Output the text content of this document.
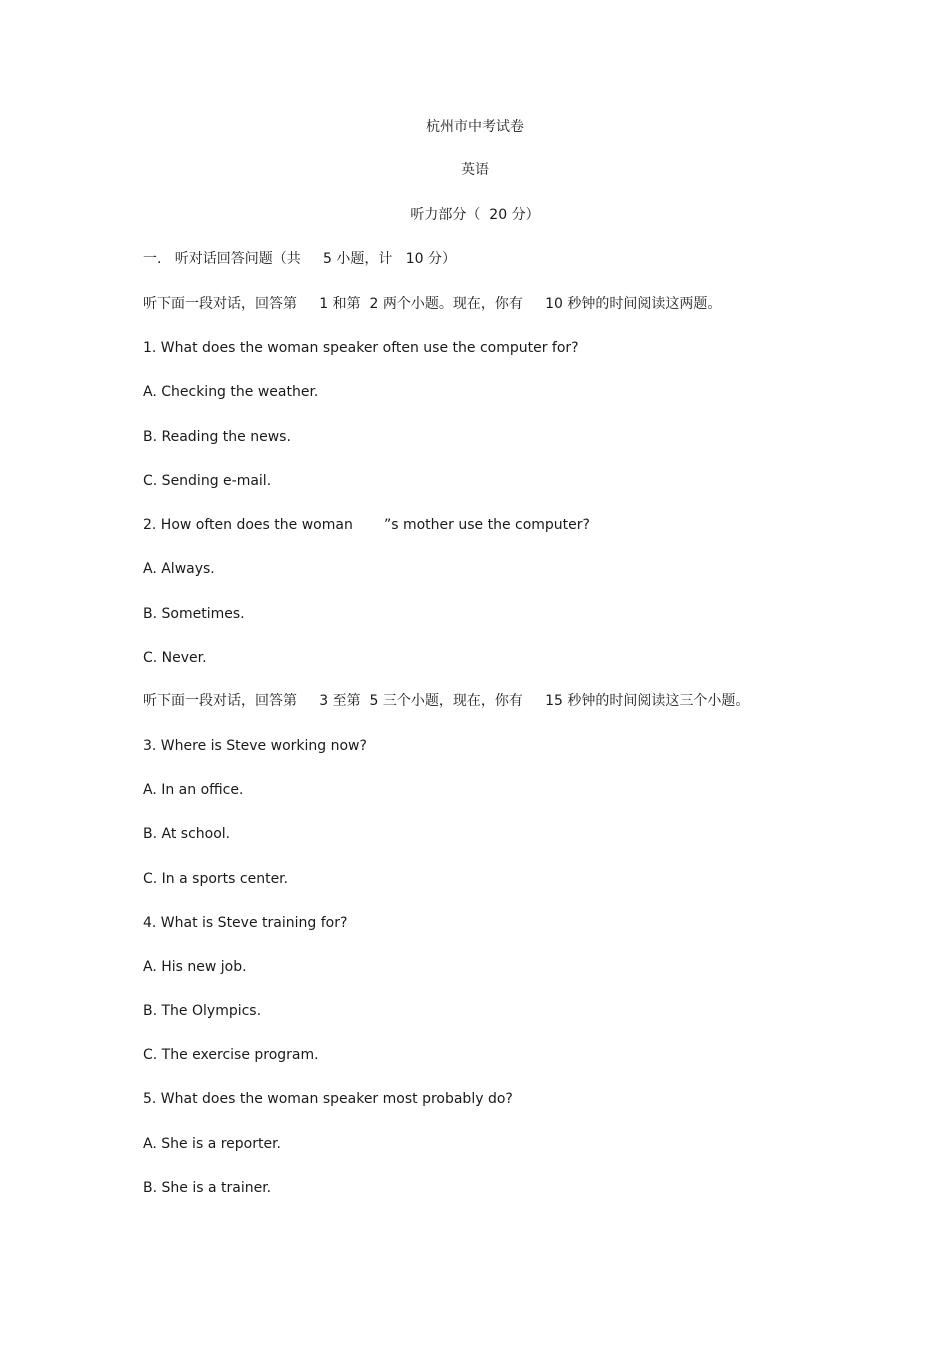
杭州市中考试卷
英语
听力部分（  20 分）
一.   听对话回答问题（共     5 小题，计   10 分）
听下面一段对话，回答第     1 和第  2 两个小题。现在，你有     10 秒钟的时间阅读这两题。
1. What does the woman speaker often use the computer for?
A. Checking the weather.
B. Reading the news.
C. Sending e-mail.
2. How often does the woman       ”s mother use the computer?
A. Always.
B. Sometimes.
C. Never.
听下面一段对话，回答第     3 至第  5 三个小题，现在，你有     15 秒钟的时间阅读这三个小题。
3. Where is Steve working now?
A. In an office.
B. At school.
C. In a sports center.
4. What is Steve training for?
A. His new job.
B. The Olympics.
C. The exercise program.
5. What does the woman speaker most probably do?
A. She is a reporter.
B. She is a trainer.
